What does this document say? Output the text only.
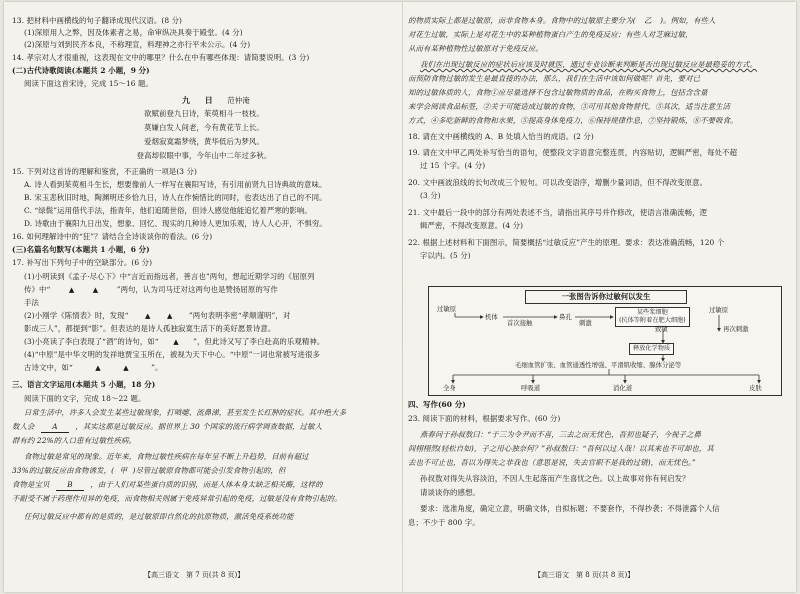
13. 把材料中画横线的句子翻译成现代汉语。(8 分)
(1)深原用人之弊，因及体素者之易，命审纵决具奏于殿堂。(4 分)
(2)深原与刘到民齐本良，不称理宣，料理神之亦行平未公示。(4 分)
14. 孝宗对人才很重视，这表现在文中的哪里？什么在中有哪些体现：请简要说明。(3 分)
(二)古代诗歌阅读(本题共 2 小题，9 分)
阅读下面这首宋诗，完成 15～16 题。
九 日 范仲淹
欲赋前登九日诗，茱萸相斗一枝枝。
莫嫌白发人间老，今有黄花节上长。
爱烟寂寞霜梦绕，黄华低后为梦风。
登高却似眼中事，今年山中二年过多秋。
15. 下列对这首诗的理解和鉴赏，不正确的一项是(3 分)
A. 诗人看到茱萸相斗生长，想要像前人一样写在襄阳写诗，有引用前贤九日诗典故的意味。
B. 宋玉悲秋旧时地，陶渊明还乡恰九日，诗人在作惋惜比的同时，也表达出了自己的不同。
C. “绿鬓”运用借代手法，指青年，他们追随世俗，但诗人感觉他能追忆着严寒的影响。
D. 诗歌由于襄阳九日出发，想象、回忆、现实的几种诗人更加乐观，诗人人心开，不惧穷。
16. 如何理解诗中的“狂”？请结合全诗谈谈你的看法。(6 分)
(三)名篇名句默写(本题共 1 小题，6 分)
17. 补写出下列句子中的空缺部分。(6 分)
(1)小明读到《孟子·尽心下》中“言近而指远者，善言也”两句，想起近期学习的《屈原列
传》中“	▲	▲ ”两句，认为司马迁对这两句也是赞扬屈原的写作
手法
(2)小刚学《陈情表》时，发现“ ▲ ▲ ”两句表明李密“孝顺谨明”，对
影成三人”，都提到“影”。但表达的是诗人孤独寂寞生活下的美好愿景诗意。
(3)小亮读了李白表现了“酒”的诗句，如“ ▲ ”，但此诗又写了李白赴高的乐观精神。
(4)“中原”是中华文明的发祥地贾宝玉所在，被视为天下中心。“中原”一词也常被写进很多
古诗文中，如“	▲	▲	”。
三、语言文字运用(本题共 5 小题，18 分)
阅读下面的文字，完成 18～22 题。
日常生活中，许多人会发生某些过敏现象，打喷嚏、流鼻涕，甚至发生长红肿的症状。其中绝大多
数人会 A ，其实这都是过敏反应。据世界上 30 个国家的流行病学调查数据，过敏人
群有约 22%的人口患有过敏性疾病。
食物过敏是常见的现象。近年来，食物过敏性疾病在每年呈不断上升趋势，目前有超过
33%的过敏反应由食物诱发，( 甲 )尽管过敏原食物都可能会引发食物引起的，但
食物是宝贝 B ，由于人们对某些蛋白质的识别，而是人体本身太缺乏相关酶，这样的
不耐受不属于药理作用异的免疫，而食物相关则属于免疫异常引起的免疫，过敏是没有食物引起的。
任何过敏反应中都有的是质的，是过敏原即自然化的抗原物质，激活免疫系统功能
【高三语文　第 7 页(共 8 页)】
的物质实际上都是过敏原，而非食物本身。食物中的过敏原主要分为( 乙 )。例如，有些人
对花生过敏，实际上是对花生中的某种植物蛋白产生的免疫反应；有些人对芝麻过敏，
从而有某种植物性过敏原对于免疫反应。
我们在出现过敏反应的症状后应该及时就医，通过专业诊断来判断是否出现过敏反应是最稳妥的方式。
而预防食物过敏的发生是最直接的办法，那么，我们在生活中该如何做呢？首先，要对已
知的过敏体质的人，食物①应尽量选择不包含过敏物质的食品，在购买食物上，包括含含量
来学会阅读食品标签，②关于可能造成过敏的食物，③可用其他食物替代，⑤其次，适当注意生活
方式，④多吃新鲜的食物和水果，⑤提高身体免疫力，⑥保持规律作息，⑦坚持锻炼，⑧不要吸食。
18. 请在文中画横线的 A、B 处填入恰当的成语。(2 分)
19. 请在文中甲乙两处补写恰当的语句，使整段文字语意完整连贯，内容贴切，逻辑严密，每处不超
过 15 个字。(4 分)
20. 文中画波浪线的长句改成三个短句。可以改变语序，增删少量词语，但不得改变原意。
(3 分)
21. 文中最后一段中的部分有两处表述不当，请指出其序号并作修改，使语言准确流畅，逻
辑严密，不得改变原意。(4 分)
22. 根据上述材料和下面图示，简要概括“过敏反应”产生的原理。要求：表达准确流畅，120 个
字以内。(5 分)
一张图告诉你过敏何以发生
过敏原
机体
首次接触
鼻孔
刺激
某些浆细胞
(抗体等附着在肥大细胞)
过敏原
致敏	再次刺激
释放化学物质
毛细血管扩张、血管通透性增强、平滑肌收缩、腺体分泌等
全身	呼吸道	消化道	皮肤
四、写作(60 分)
23. 阅读下面的材料，根据要求写作。(60 分)
燕春问于孙叔敖曰：“于三为令尹而不喜，三去之而无忧色，吾初也疑子，今视子之鼻
间栩栩然(轻松自如)，子之用心独奈何？”孙叔敖曰：“吾何以过人哉！以其来也不可却也，其
去也不可止也，吾以为得失之非我也（意思是说，失去官职不是我的过错)，而无忧色。”
孙叔敖对得失从容淡泊，不因人生起落而产生喜忧之色。以上故事对你有何启发？
请谈谈你的感想。
要求：选准角度，确定立意，明确文体，自拟标题；不要套作，不得抄袭；不得泄露个人信
息；不少于 800 字。
【高三语文　第 8 页(共 8 页)】
